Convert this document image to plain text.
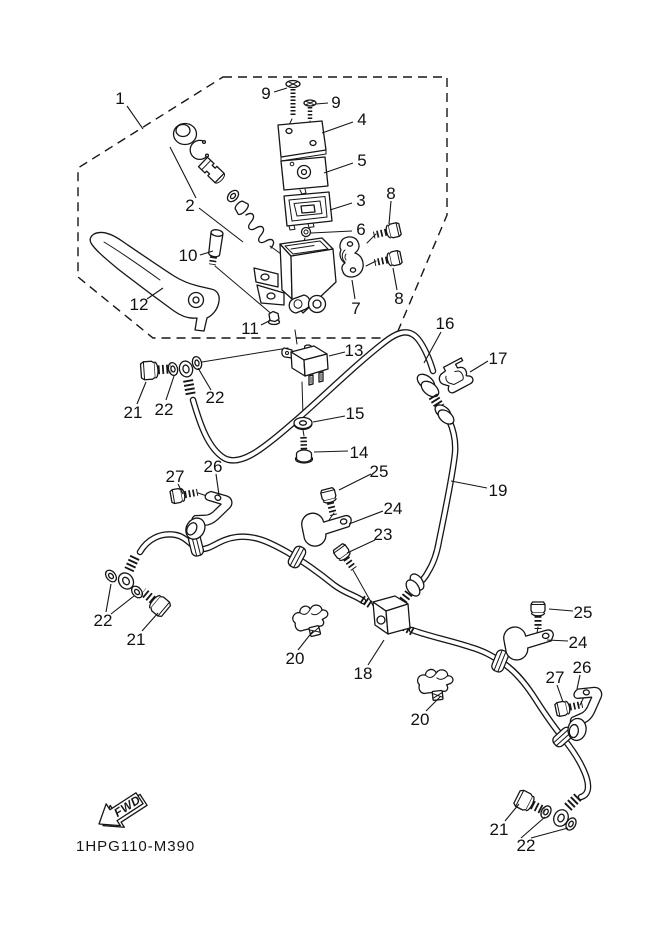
FWD
1HPG110-M390
1
2	3
4
5
6
7
8
8
9	9
10
11
12
13
14
15
16
17
18
19
20
20
21
21
21
22
22
22
22
23
24
24
25
25
26
26
27
27
